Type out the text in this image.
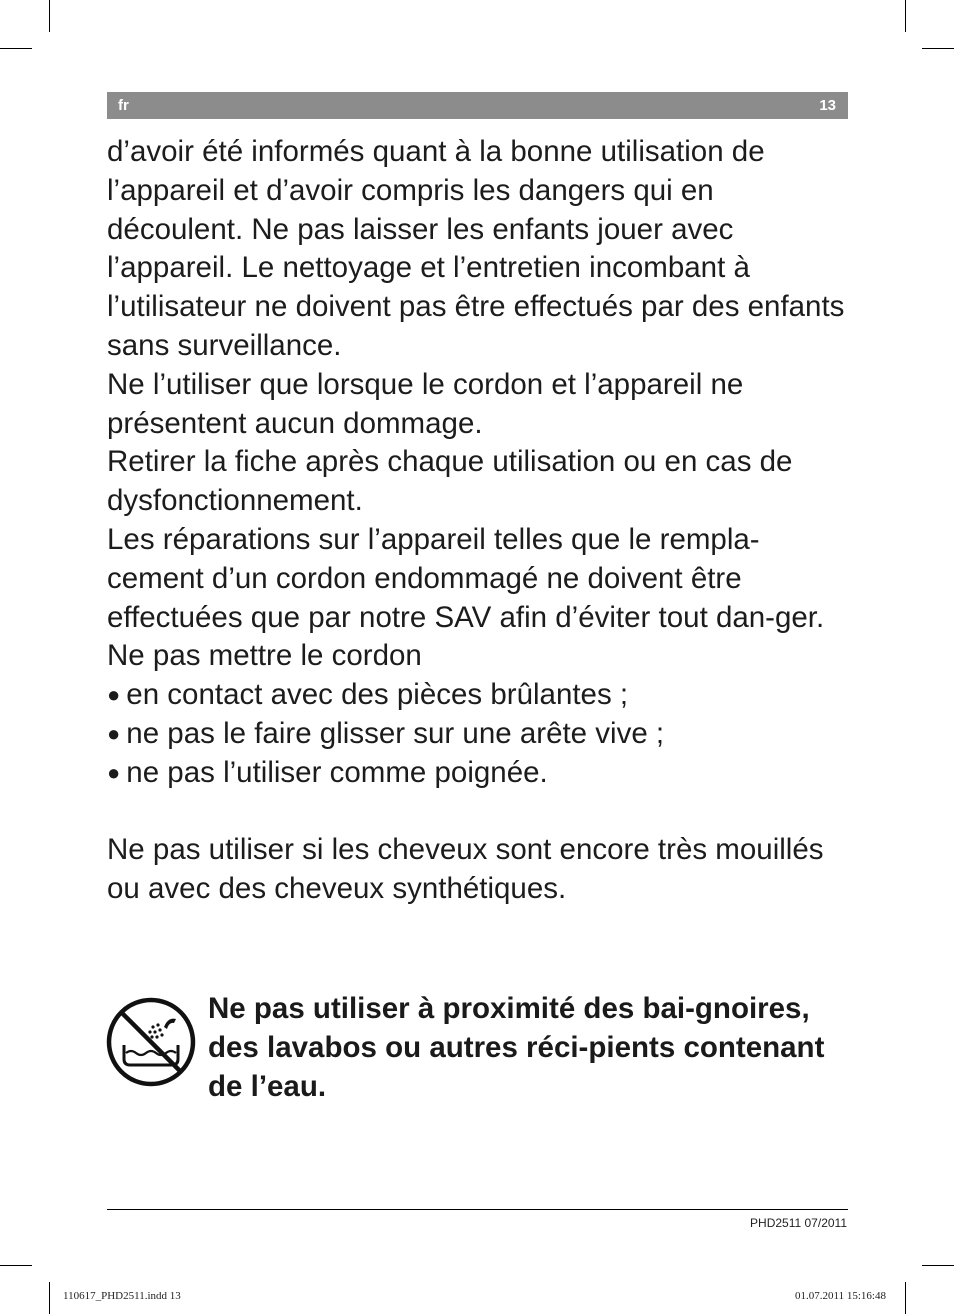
fr	13

d’avoir été informés quant à la bonne utilisation de l’appareil et d’avoir compris les dangers qui en découlent. Ne pas laisser les enfants jouer avec l’appareil. Le nettoyage et l’entretien incombant à l’utilisateur ne doivent pas être effectués par des enfants sans surveillance.

Ne l’utiliser que lorsque le cordon et l’appareil ne présentent aucun dommage.

Retirer la fiche après chaque utilisation ou en cas de dysfonctionnement.

Les réparations sur l’appareil telles que le rempla-cement d’un cordon endommagé ne doivent être effectuées que par notre SAV afin d’éviter tout dan-ger.

Ne pas mettre le cordon

● en contact avec des pièces brûlantes ;

● ne pas le faire glisser sur une arête vive ;

● ne pas l’utiliser comme poignée.

Ne pas utiliser si les cheveux sont encore très mouillés ou avec des cheveux synthétiques.

Ne pas utiliser à proximité des bai-gnoires, des lavabos ou autres réci-pients contenant de l’eau.
PHD2511 07/2011
110617_PHD2511.indd 13	01.07.2011 15:16:48
